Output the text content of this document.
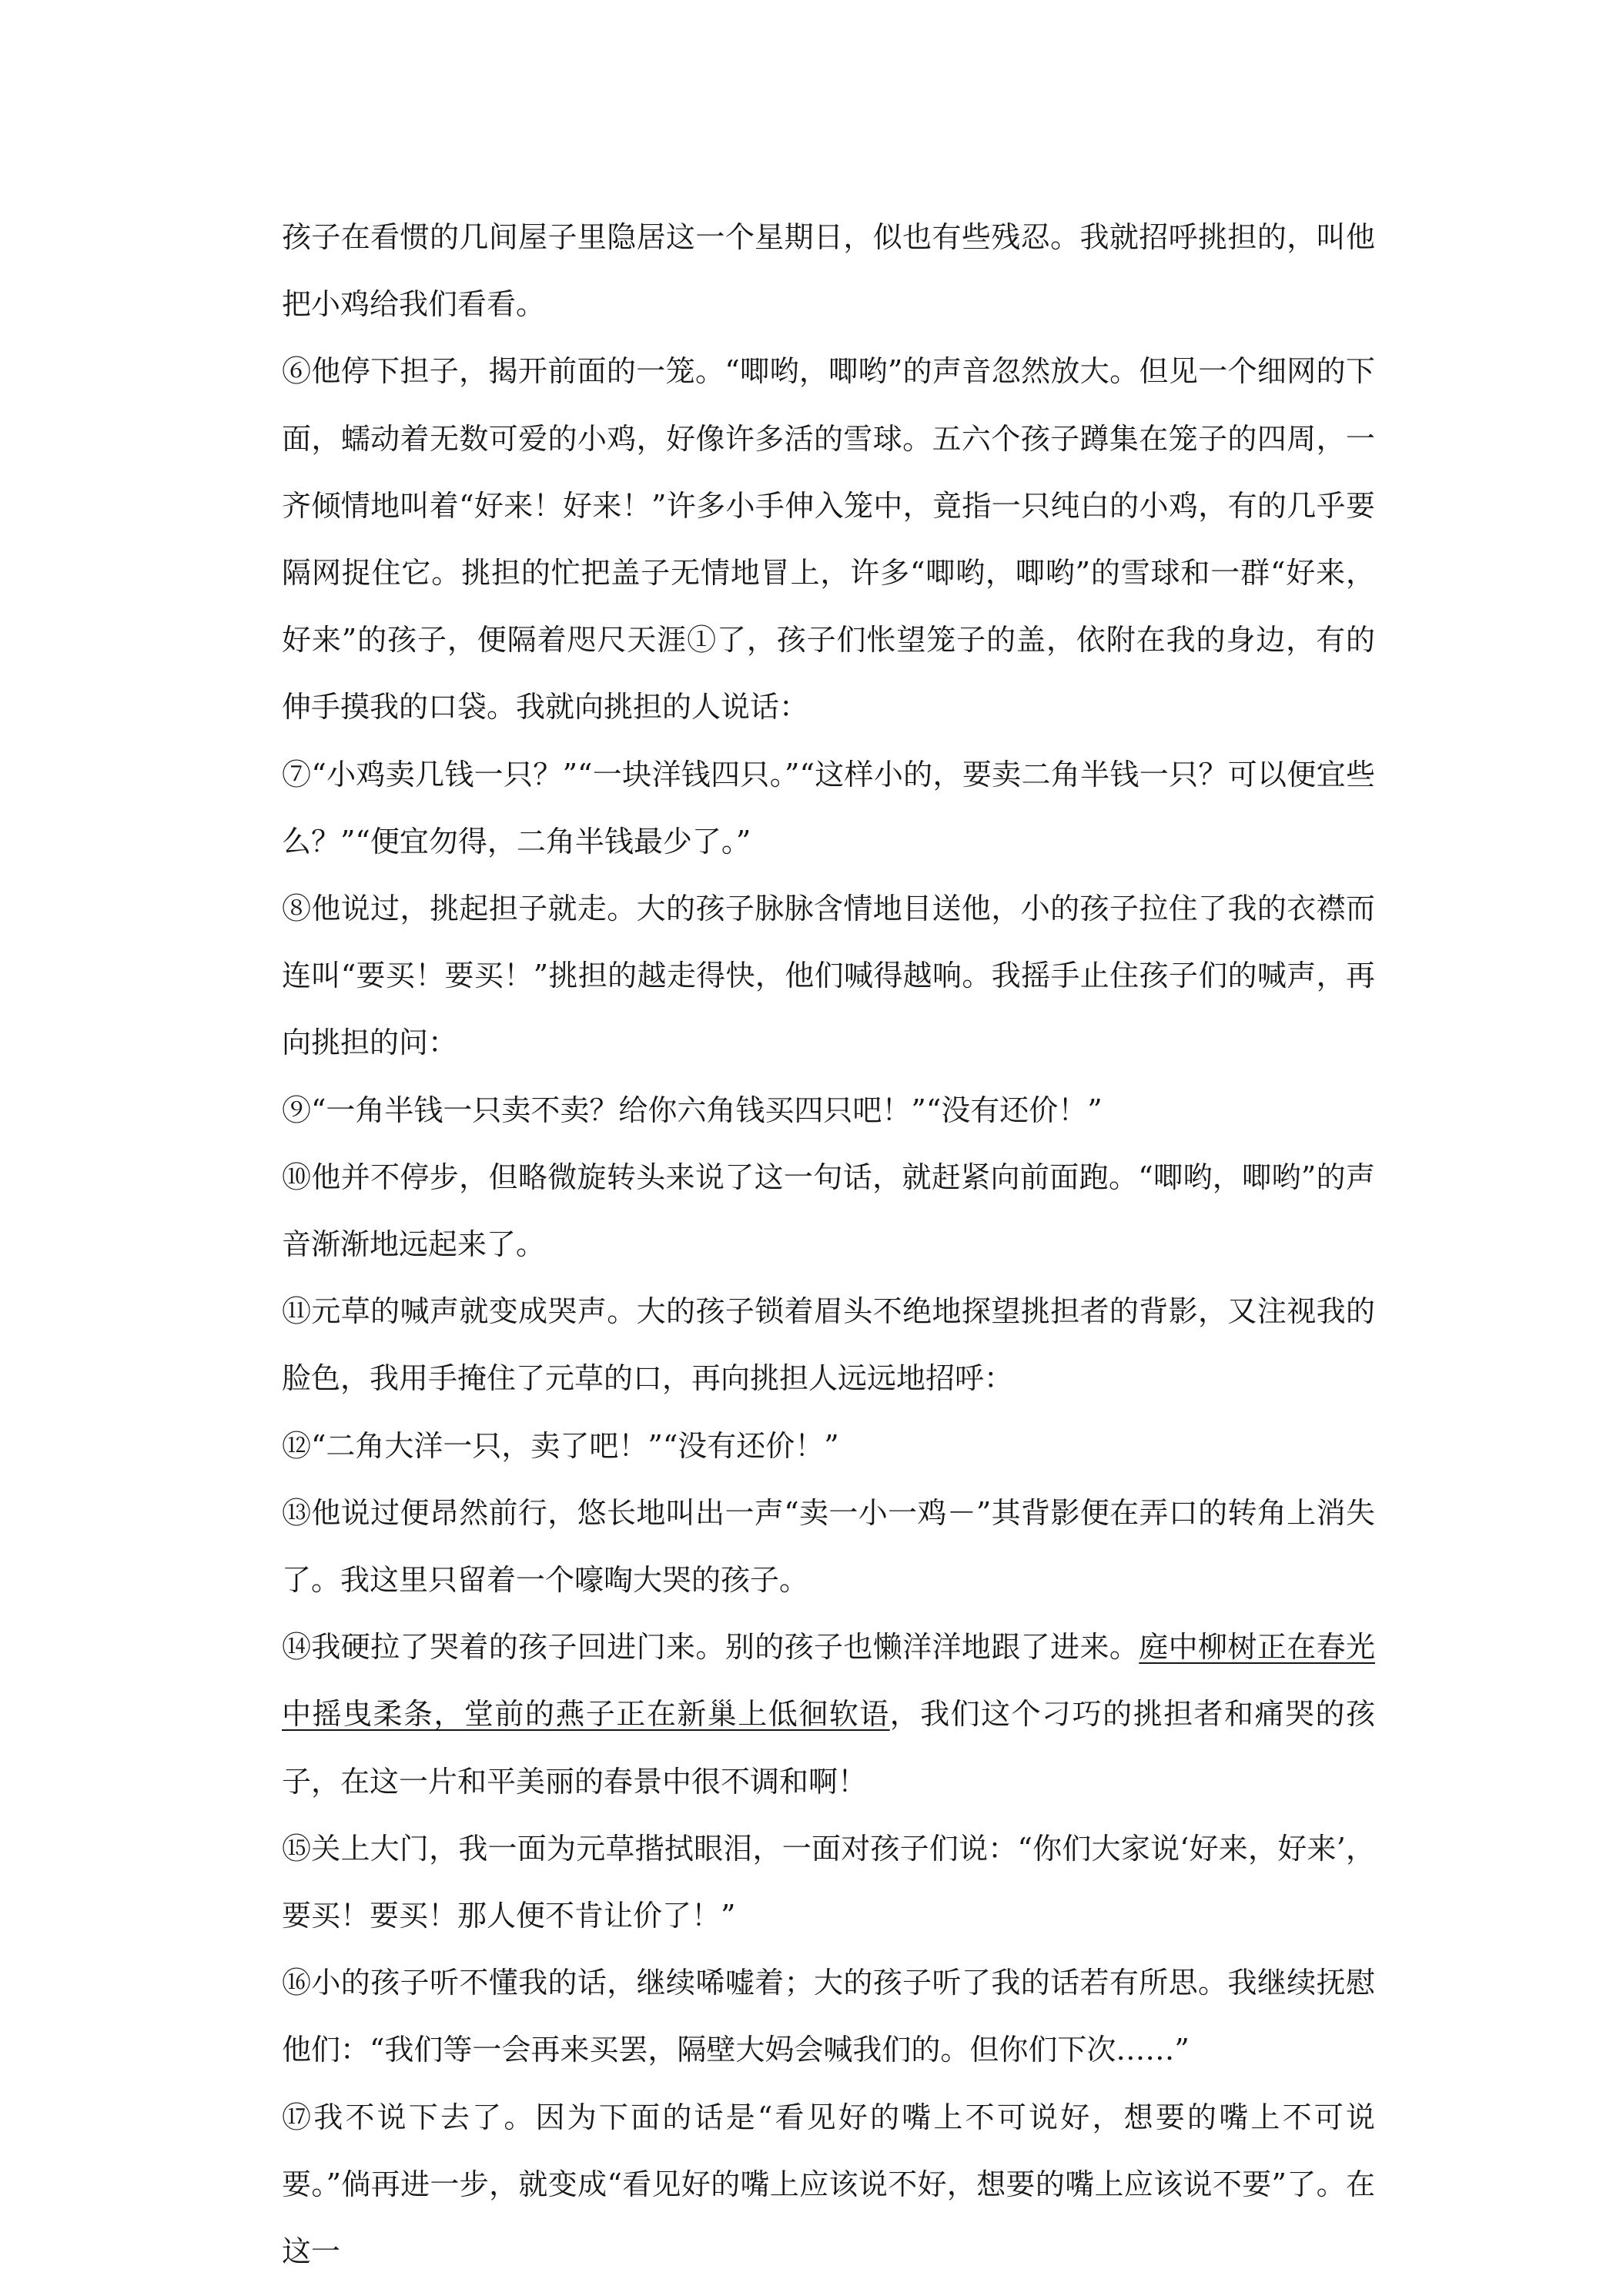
孩子在看惯的几间屋子里隐居这一个星期日，似也有些残忍。我就招呼挑担的，叫他把小鸡给我们看看。

⑥他停下担子，揭开前面的一笼。“唧哟，唧哟”的声音忽然放大。但见一个细网的下面，蠕动着无数可爱的小鸡，好像许多活的雪球。五六个孩子蹲集在笼子的四周，一齐倾情地叫着“好来！好来！”许多小手伸入笼中，竟指一只纯白的小鸡，有的几乎要隔网捉住它。挑担的忙把盖子无情地冒上，许多“唧哟，唧哟”的雪球和一群“好来，好来”的孩子，便隔着咫尺天涯①了，孩子们怅望笼子的盖，依附在我的身边，有的伸手摸我的口袋。我就向挑担的人说话：

⑦“小鸡卖几钱一只？”“一块洋钱四只。”“这样小的，要卖二角半钱一只？可以便宜些么？”“便宜勿得，二角半钱最少了。”

⑧他说过，挑起担子就走。大的孩子脉脉含情地目送他，小的孩子拉住了我的衣襟而连叫“要买！要买！”挑担的越走得快，他们喊得越响。我摇手止住孩子们的喊声，再向挑担的问：

⑨“一角半钱一只卖不卖？给你六角钱买四只吧！”“没有还价！”

⑩他并不停步，但略微旋转头来说了这一句话，就赶紧向前面跑。“唧哟，唧哟”的声音渐渐地远起来了。

⑪元草的喊声就变成哭声。大的孩子锁着眉头不绝地探望挑担者的背影，又注视我的脸色，我用手掩住了元草的口，再向挑担人远远地招呼：

⑫“二角大洋一只，卖了吧！”“没有还价！”

⑬他说过便昂然前行，悠长地叫出一声“卖一小一鸡－”其背影便在弄口的转角上消失了。我这里只留着一个嚎啕大哭的孩子。

⑭我硬拉了哭着的孩子回进门来。别的孩子也懒洋洋地跟了进来。庭中柳树正在春光中摇曳柔条，堂前的燕子正在新巢上低徊软语，我们这个刁巧的挑担者和痛哭的孩子，在这一片和平美丽的春景中很不调和啊！

⑮关上大门，我一面为元草揩拭眼泪，一面对孩子们说：“你们大家说‘好来，好来’，要买！要买！那人便不肯让价了！”

⑯小的孩子听不懂我的话，继续唏嘘着；大的孩子听了我的话若有所思。我继续抚慰他们：“我们等一会再来买罢，隔壁大妈会喊我们的。但你们下次……”

⑰我不说下去了。因为下面的话是“看见好的嘴上不可说好，想要的嘴上不可说要。”倘再进一步，就变成“看见好的嘴上应该说不好，想要的嘴上应该说不要”了。在这一
